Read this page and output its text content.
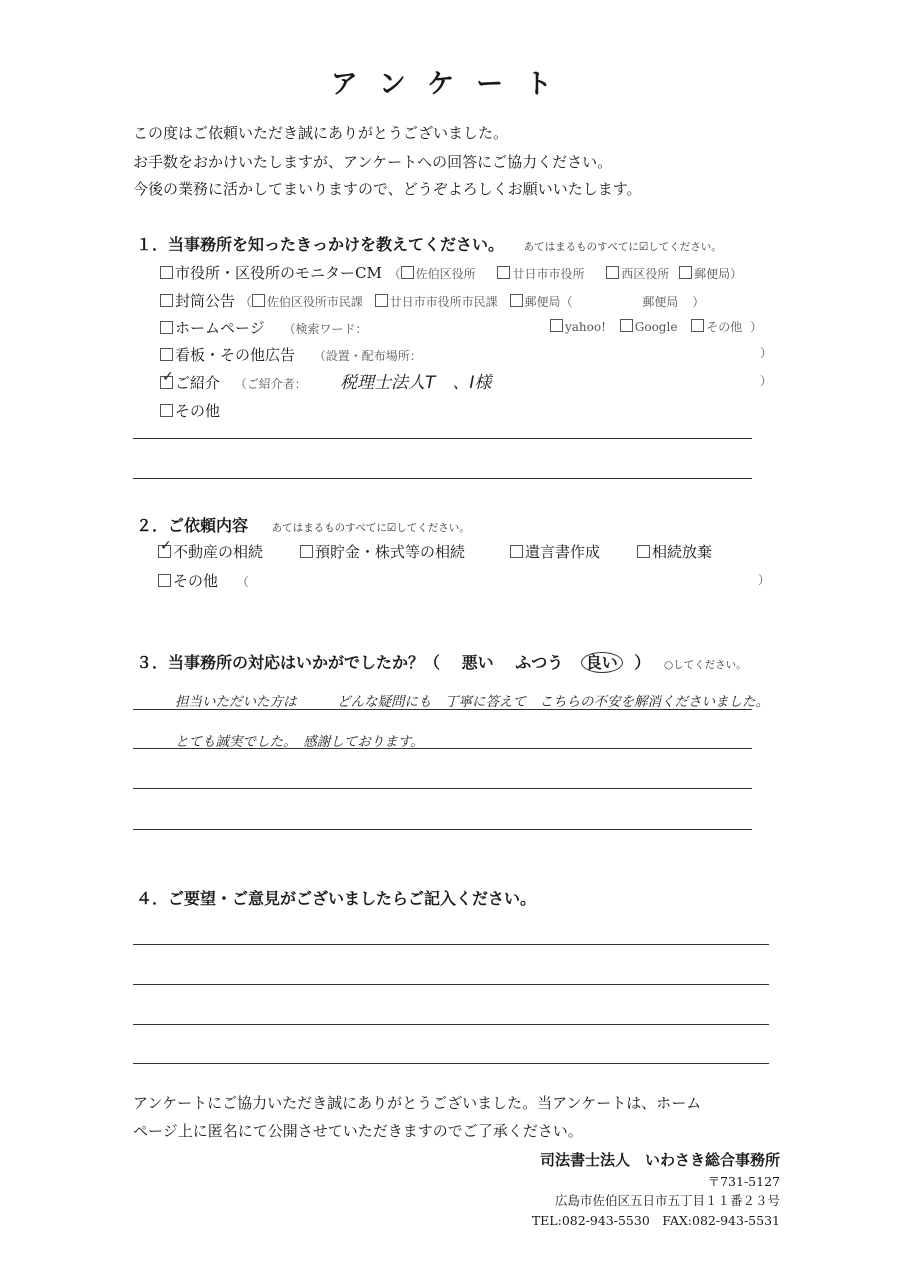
アンケート
この度はご依頼いただき誠にありがとうございました。
お手数をおかけいたしますが、アンケートへの回答にご協力ください。
今後の業務に活かしてまいりますので、どうぞよろしくお願いいたします。
１．当事務所を知ったきっかけを教えてください。 あてはまるものすべてに☑してください。
市役所・区役所のモニターCM （ 佐伯区役所	廿日市市役所	西区役所 郵便局）
封筒公告 （ 佐伯区役所市民課 廿日市市役所市民課 郵便局（	郵便局 ）
ホームページ （検索ワード：	yahoo! Google その他 ）
看板・その他広告 （設置・配布場所：	）
✓ご紹介 （ご紹介者： 税理士法人T　、I様	）
その他
２．ご依頼内容 あてはまるものすべてに☑してください。
✓不動産の相続	預貯金・株式等の相続	遺言書作成	相続放棄
その他 （	）
３．当事務所の対応はいかがでしたか？（ 悪い ふつう 良い ） ○してください。
担当いただいた方は　　　どんな疑問にも　丁寧に答えて　こちらの不安を解消くださいました。
とても誠実でした。　感謝しております。
４．ご要望・ご意見がございましたらご記入ください。
アンケートにご協力いただき誠にありがとうございました。当アンケートは、ホーム
ページ上に匿名にて公開させていただきますのでご了承ください。
司法書士法人　いわさき総合事務所
〒731-5127
広島市佐伯区五日市五丁目１１番２３号
TEL:082-943-5530　FAX:082-943-5531
